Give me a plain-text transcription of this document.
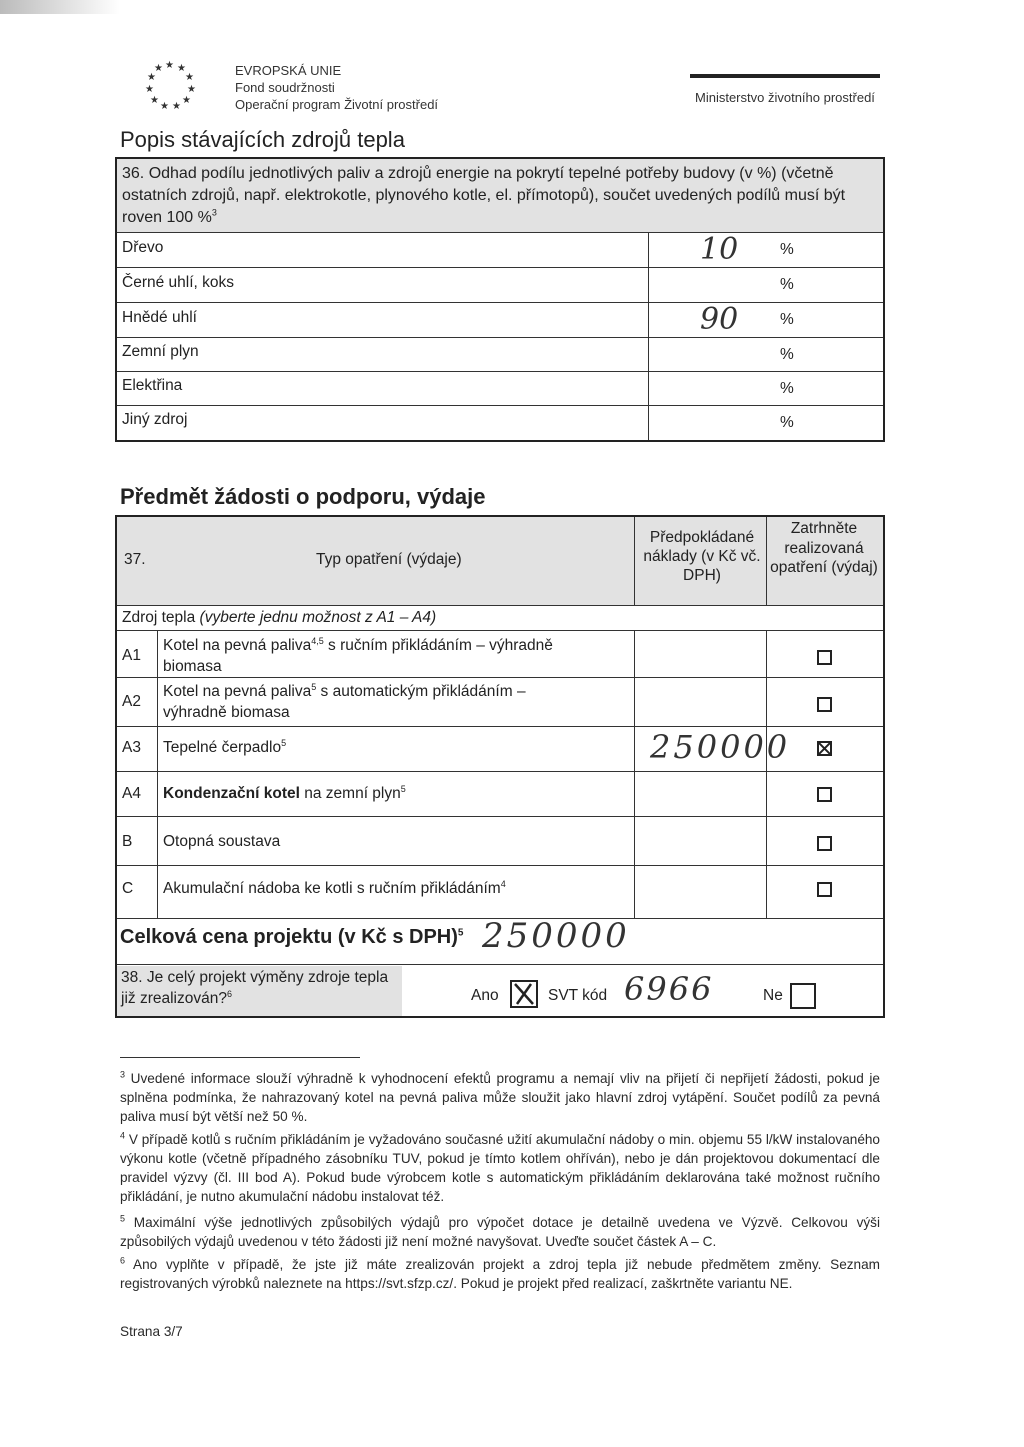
★ ★
★
★
★
★
★
★
★
★
★	EVROPSKÁ UNIE
Fond soudržnosti
Operační program Životní prostředí	Ministerstvo životního prostředí
Popis stávajících zdrojů tepla
36. Odhad podílu jednotlivých paliv a zdrojů energie na pokrytí tepelné potřeby budovy (v %) (včetně ostatních zdrojů, např. elektrokotle, plynového kotle, el. přímotopů), součet uvedených podílů musí být roven 100 %$^3$
Dřevo	10	%
Černé uhlí, koks	%
Hnědé uhlí	90	%
Zemní plyn	%
Elektřina	%
Jiný zdroj	%
Předmět žádosti o podporu, výdaje
37.	Typ opatření (výdaje)
Předpokládané náklady (v Kč vč. DPH)
Zatrhněte realizovaná opatření (výdaj)
Zdroj tepla (vyberte jednu možnost z A1 – A4)
A1
Kotel na pevná paliva$^{4,5}$ s ručním přikládáním – výhradně biomasa
A2
Kotel na pevná paliva$^5$ s automatickým přikládáním – výhradně biomasa
A3 Tepelné čerpadlo$^5$	250000
A4 Kondenzační kotel na zemní plyn$^5$
B Otopná soustava
C Akumulační nádoba ke kotli s ručním přikládáním$^4$
Celková cena projektu (v Kč s DPH)$^5$ 250000
38. Je celý projekt výměny zdroje tepla již zrealizován?$^6$	Ano	SVT kód 6966	Ne
$^3$ Uvedené informace slouží výhradně k vyhodnocení efektů programu a nemají vliv na přijetí či nepřijetí žádosti, pokud je splněna podmínka, že nahrazovaný kotel na pevná paliva může sloužit jako hlavní zdroj vytápění. Součet podílů za pevná paliva musí být větší než 50 %.
$^4$ V případě kotlů s ručním přikládáním je vyžadováno současné užití akumulační nádoby o min. objemu 55 l/kW instalovaného výkonu kotle (včetně případného zásobníku TUV, pokud je tímto kotlem ohříván), nebo je dán projektovou dokumentací dle pravidel výzvy (čl. III bod A). Pokud bude výrobcem kotle s automatickým přikládáním deklarována také možnost ručního přikládání, je nutno akumulační nádobu instalovat též.
$^5$ Maximální výše jednotlivých způsobilých výdajů pro výpočet dotace je detailně uvedena ve Výzvě. Celkovou výši způsobilých výdajů uvedenou v této žádosti již není možné navyšovat. Uveďte součet částek A – C.
$^6$ Ano vyplňte v případě, že jste již máte zrealizován projekt a zdroj tepla již nebude předmětem změny. Seznam registrovaných výrobků naleznete na https://svt.sfzp.cz/. Pokud je projekt před realizací, zaškrtněte variantu NE.
Strana 3/7
